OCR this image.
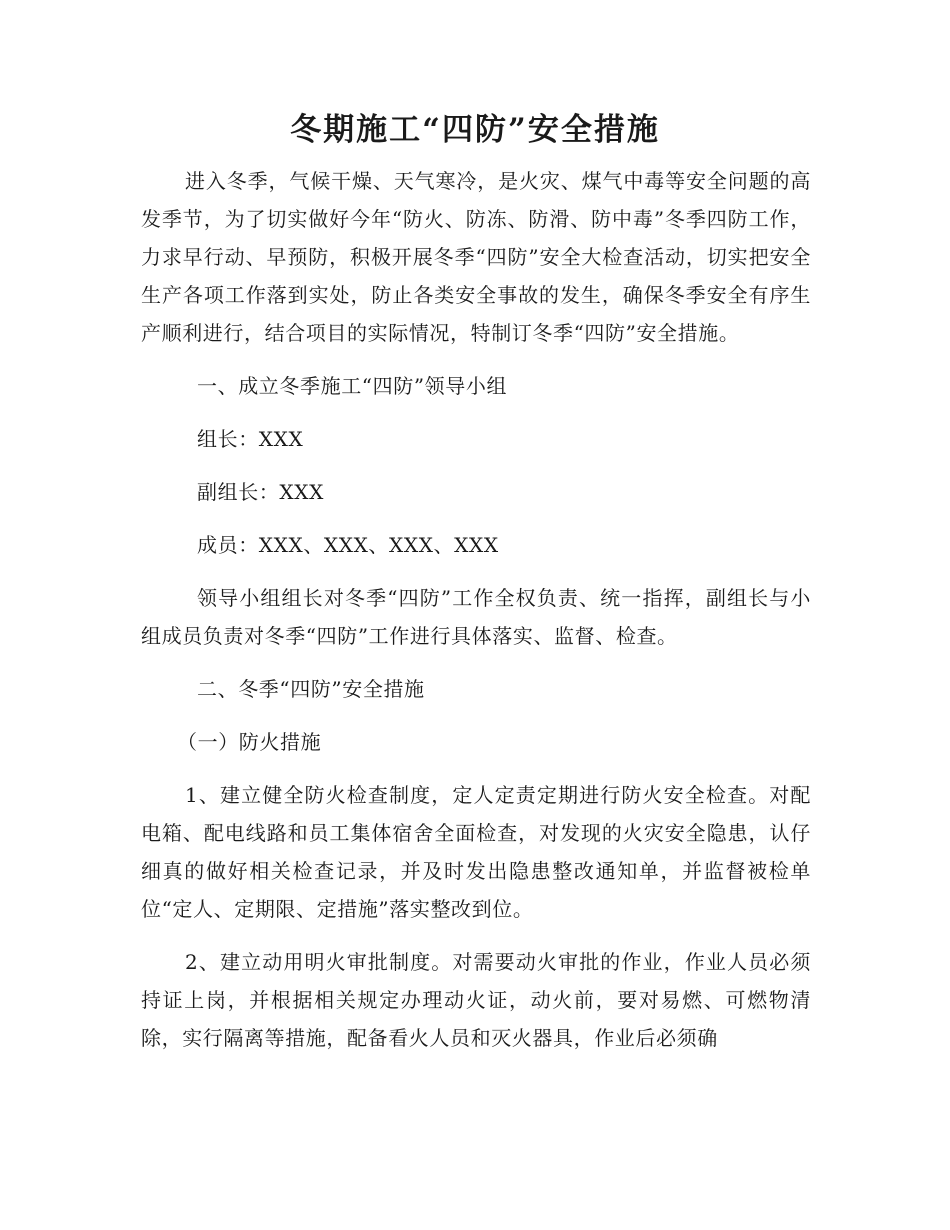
冬期施工“四防”安全措施

进入冬季，气候干燥、天气寒冷，是火灾、煤气中毒等安全问题的高发季节，为了切实做好今年“防火、防冻、防滑、防中毒”冬季四防工作，力求早行动、早预防，积极开展冬季“四防”安全大检查活动，切实把安全生产各项工作落到实处，防止各类安全事故的发生，确保冬季安全有序生产顺利进行，结合项目的实际情况，特制订冬季“四防”安全措施。

一、成立冬季施工“四防”领导小组

组长：XXX

副组长：XXX

成员：XXX、XXX、XXX、XXX

领导小组组长对冬季“四防”工作全权负责、统一指挥，副组长与小组成员负责对冬季“四防”工作进行具体落实、监督、检查。

二、冬季“四防”安全措施

（一）防火措施

1、建立健全防火检查制度，定人定责定期进行防火安全检查。对配电箱、配电线路和员工集体宿舍全面检查，对发现的火灾安全隐患，认仔细真的做好相关检查记录，并及时发出隐患整改通知单，并监督被检单位“定人、定期限、定措施”落实整改到位。

2、建立动用明火审批制度。对需要动火审批的作业，作业人员必须持证上岗，并根据相关规定办理动火证，动火前，要对易燃、可燃物清除，实行隔离等措施，配备看火人员和灭火器具，作业后必须确
